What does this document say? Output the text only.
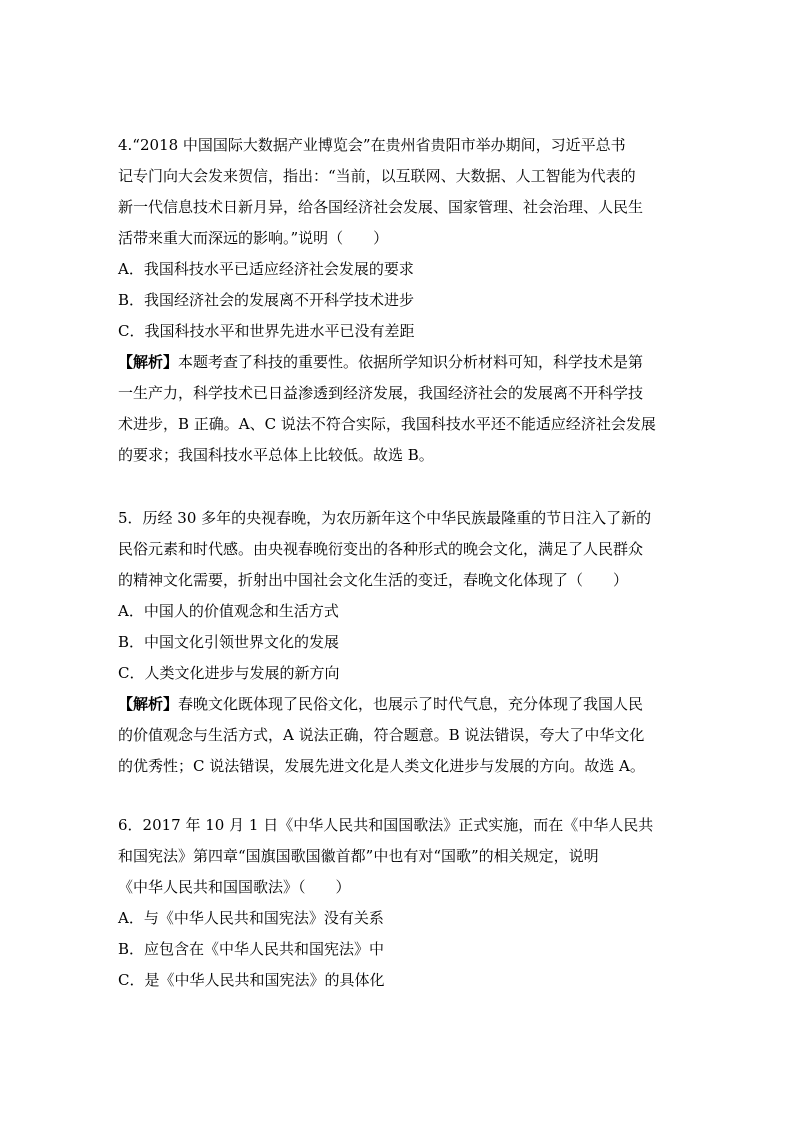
4.“2018 中国国际大数据产业博览会”在贵州省贵阳市举办期间，习近平总书
记专门向大会发来贺信，指出：“当前，以互联网、大数据、人工智能为代表的
新一代信息技术日新月异，给各国经济社会发展、国家管理、社会治理、人民生
活带来重大而深远的影响。”说明（　　）
A．我国科技水平已适应经济社会发展的要求
B．我国经济社会的发展离不开科学技术进步
C．我国科技水平和世界先进水平已没有差距
【解析】本题考查了科技的重要性。依据所学知识分析材料可知，科学技术是第
一生产力，科学技术已日益渗透到经济发展，我国经济社会的发展离不开科学技
术进步，B 正确。A、C 说法不符合实际，我国科技水平还不能适应经济社会发展
的要求；我国科技水平总体上比较低。故选 B。
5．历经 30 多年的央视春晚，为农历新年这个中华民族最隆重的节日注入了新的
民俗元素和时代感。由央视春晚衍变出的各种形式的晚会文化，满足了人民群众
的精神文化需要，折射出中国社会文化生活的变迁，春晚文化体现了（　　）
A．中国人的价值观念和生活方式
B．中国文化引领世界文化的发展
C．人类文化进步与发展的新方向
【解析】春晚文化既体现了民俗文化，也展示了时代气息，充分体现了我国人民
的价值观念与生活方式，A 说法正确，符合题意。B 说法错误，夸大了中华文化
的优秀性；C 说法错误，发展先进文化是人类文化进步与发展的方向。故选 A。
6．2017 年 10 月 1 日《中华人民共和国国歌法》正式实施，而在《中华人民共
和国宪法》第四章“国旗国歌国徽首都”中也有对“国歌”的相关规定，说明
《中华人民共和国国歌法》（　　）
A．与《中华人民共和国宪法》没有关系
B．应包含在《中华人民共和国宪法》中
C．是《中华人民共和国宪法》的具体化
